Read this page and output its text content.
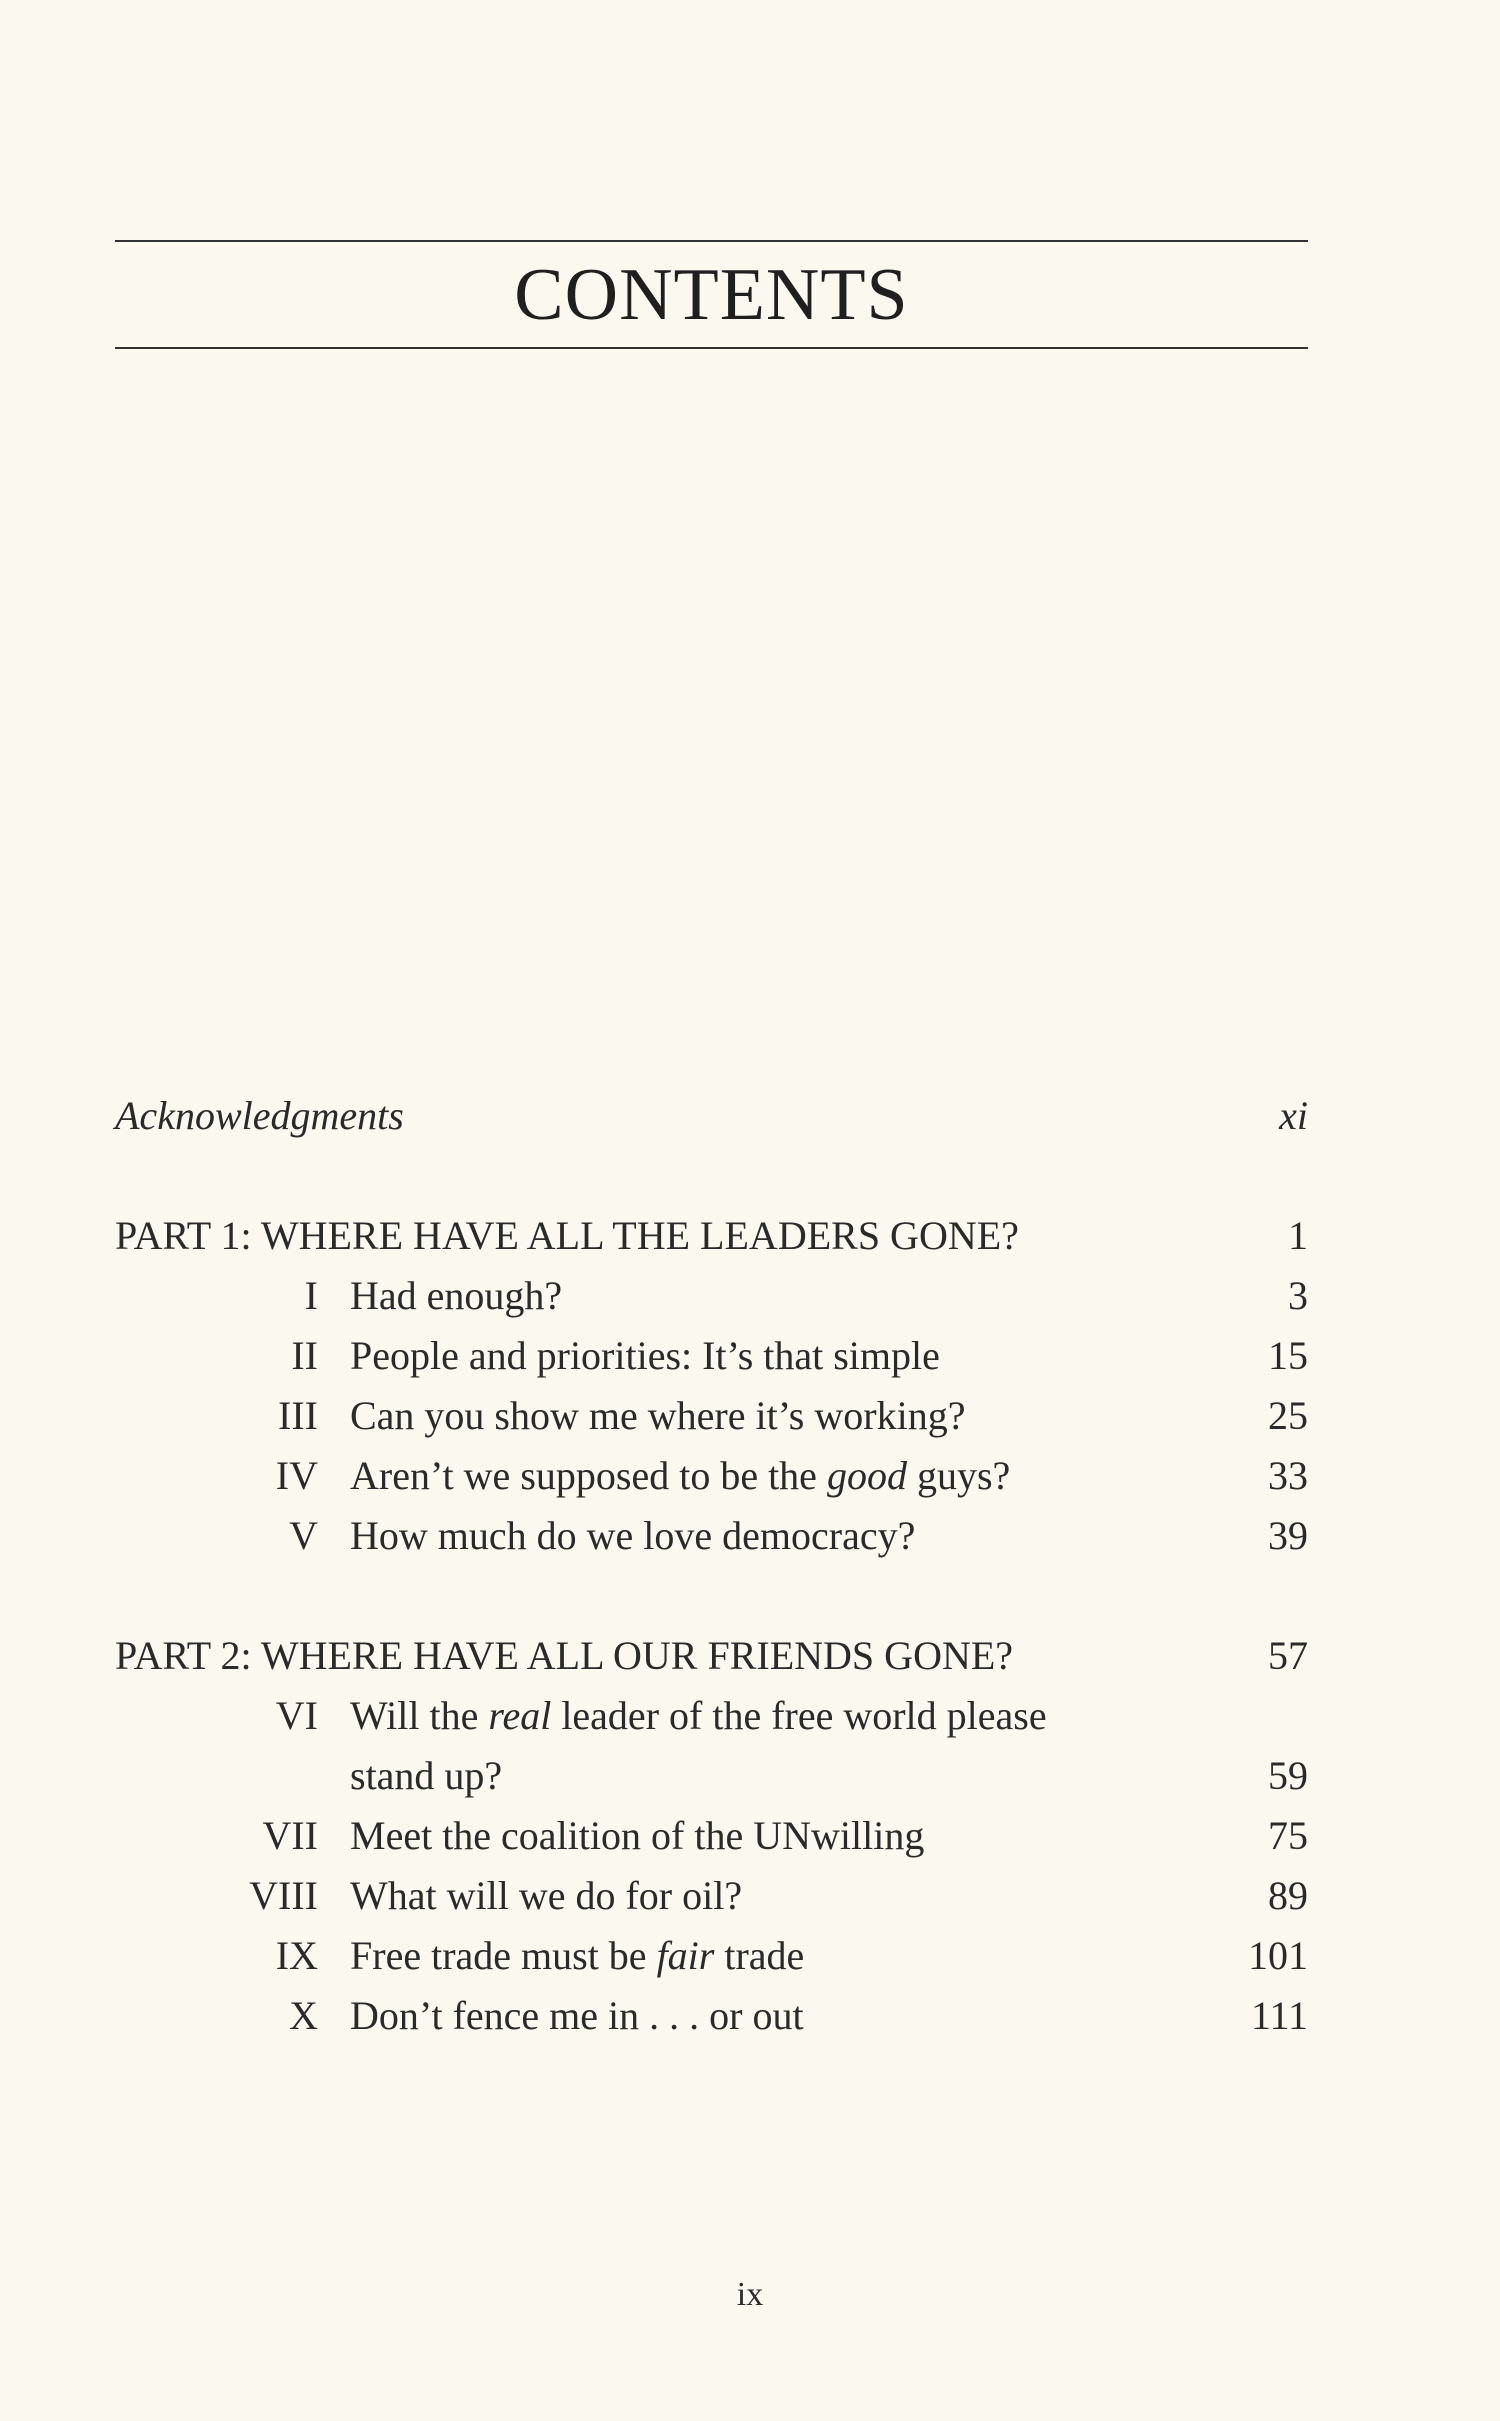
CONTENTS
Acknowledgments	xi
PART 1: WHERE HAVE ALL THE LEADERS GONE?	1
I Had enough?	3
II People and priorities: It’s that simple	15
III Can you show me where it’s working?	25
IV Aren’t we supposed to be the good guys?	33
V How much do we love democracy?	39
PART 2: WHERE HAVE ALL OUR FRIENDS GONE?	57
VI Will the real leader of the free world please
stand up?	59
VII Meet the coalition of the UNwilling	75
VIII What will we do for oil?	89
IX Free trade must be fair trade	101
X Don’t fence me in . . . or out	111
ix
